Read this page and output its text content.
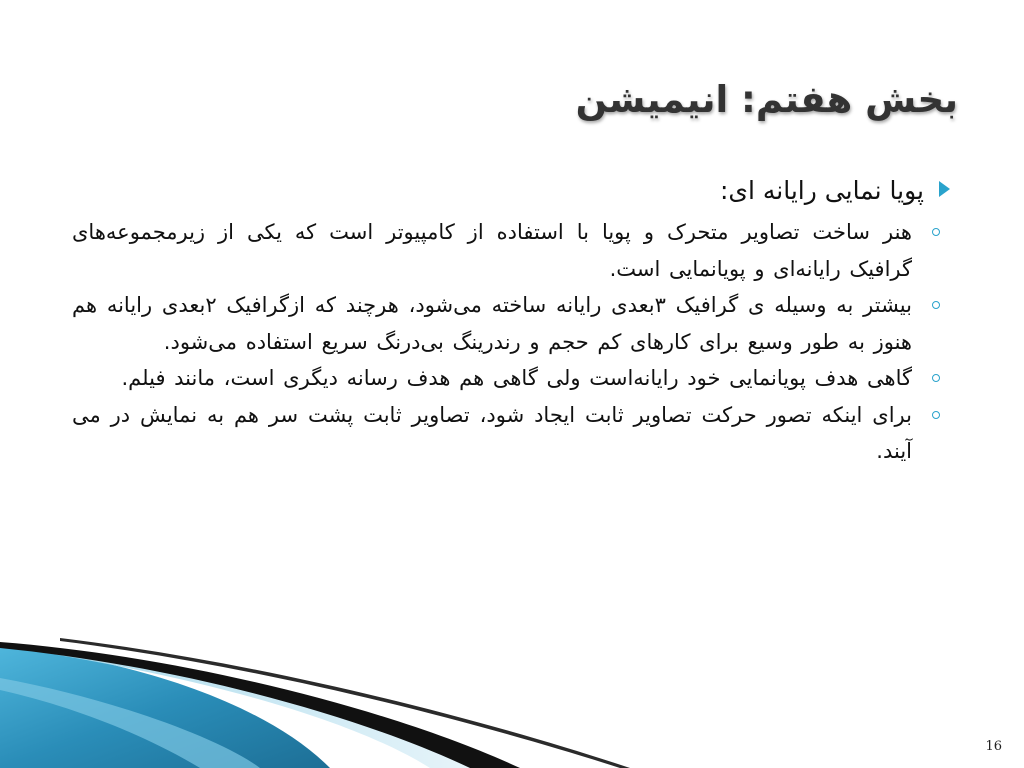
بخش هفتم: انیمیشن
پویا نمایی رایانه ای:
هنر ساخت تصاویر متحرک و پویا با استفاده از کامپیوتر است که یکی از زیرمجموعه‌های گرافیک رایانه‌ای و پویانمایی است.
بیشتر به وسیله ی گرافیک ۳بعدی رایانه ساخته می‌شود، هرچند که ازگرافیک ۲بعدی رایانه هم هنوز به طور وسیع برای کارهای کم حجم و رندرینگ بی‌درنگ سریع استفاده می‌شود.
گاهی هدف پویانمایی خود رایانه‌است ولی گاهی هم هدف رسانه دیگری است، مانند فیلم.
برای اینکه تصور حرکت تصاویر ثابت ایجاد شود، تصاویر ثابت پشت سر هم به نمایش در می آیند.
16
